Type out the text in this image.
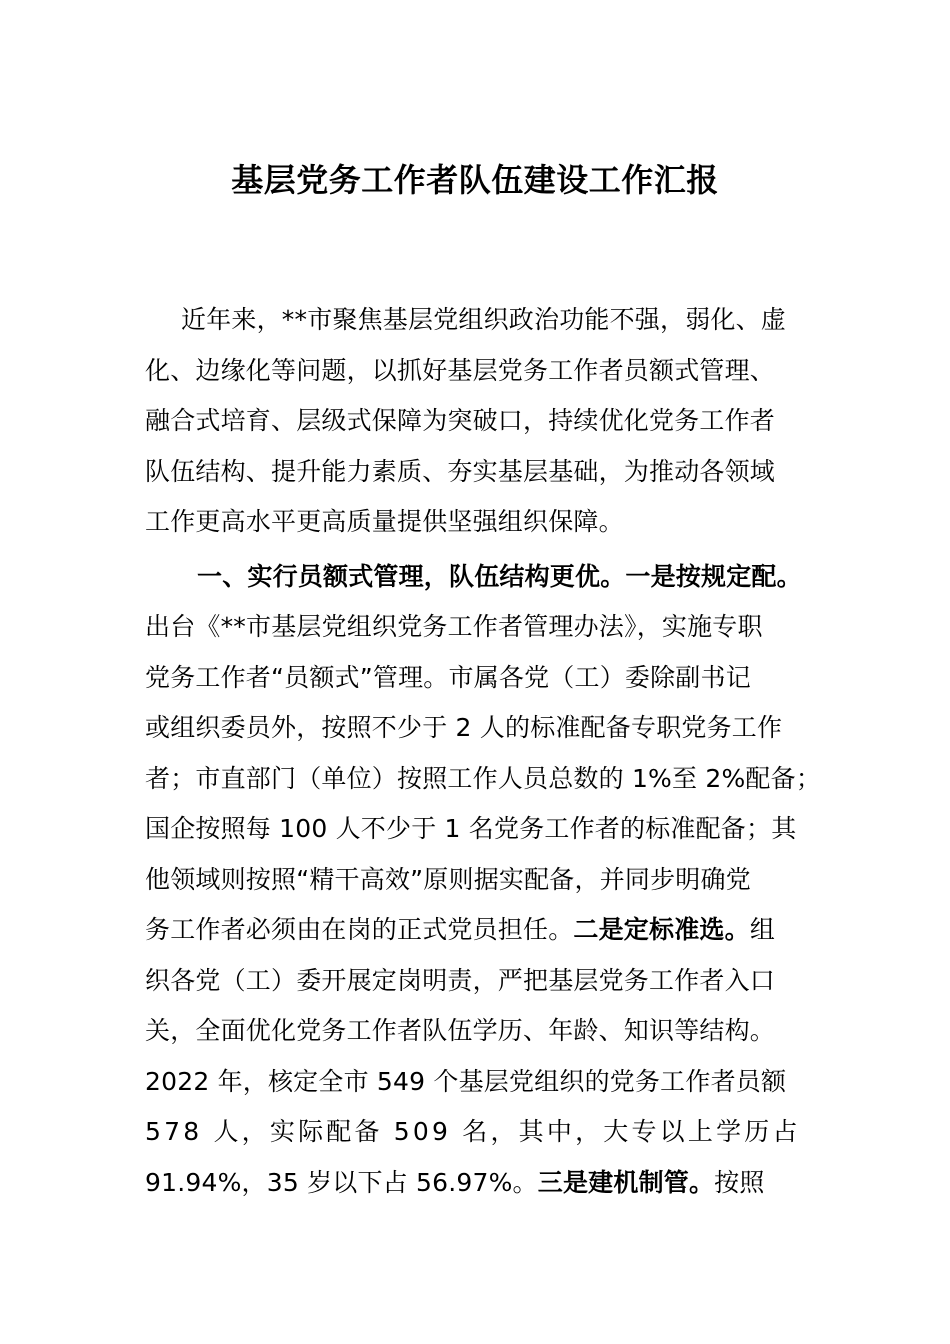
基层党务工作者队伍建设工作汇报
近年来，**市聚焦基层党组织政治功能不强，弱化、虚
化、边缘化等问题，以抓好基层党务工作者员额式管理、
融合式培育、层级式保障为突破口，持续优化党务工作者
队伍结构、提升能力素质、夯实基层基础，为推动各领域
工作更高水平更高质量提供坚强组织保障。
一、实行员额式管理，队伍结构更优。一是按规定配。
出台《**市基层党组织党务工作者管理办法》，实施专职
党务工作者“员额式”管理。市属各党（工）委除副书记
或组织委员外，按照不少于 2 人的标准配备专职党务工作
者；市直部门（单位）按照工作人员总数的 1%至 2%配备；
国企按照每 100 人不少于 1 名党务工作者的标准配备；其
他领域则按照“精干高效”原则据实配备，并同步明确党
务工作者必须由在岗的正式党员担任。二是定标准选。组
织各党（工）委开展定岗明责，严把基层党务工作者入口
关，全面优化党务工作者队伍学历、年龄、知识等结构。
2022 年，核定全市 549 个基层党组织的党务工作者员额
578 人，实际配备 509 名，其中，大专以上学历占
91.94%，35 岁以下占 56.97%。三是建机制管。按照
